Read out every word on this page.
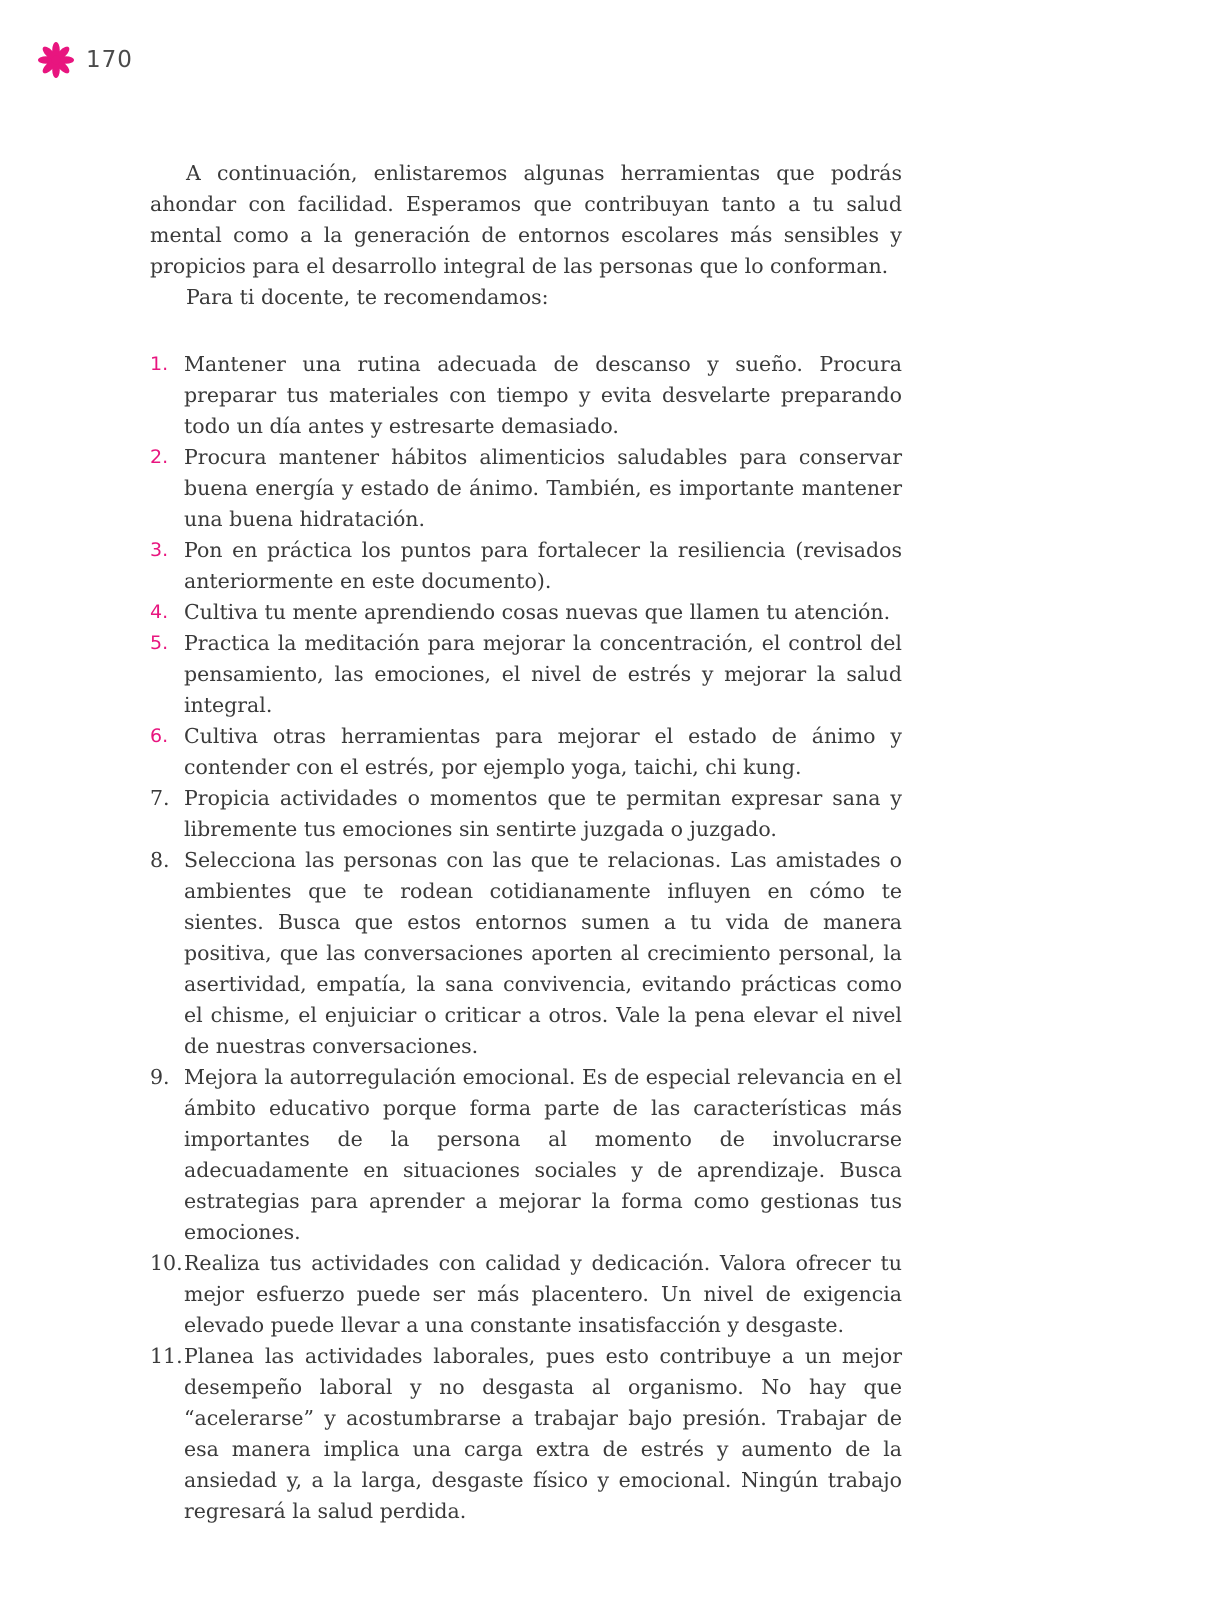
170

A continuación, enlistaremos algunas herramientas que podrás ahondar con facilidad. Esperamos que contribuyan tanto a tu salud mental como a la generación de entornos escolares más sensibles y propicios para el desarrollo integral de las personas que lo conforman.

Para ti docente, te recomendamos:

1. Mantener una rutina adecuada de descanso y sueño. Procura preparar tus materiales con tiempo y evita desvelarte preparando todo un día antes y estresarte demasiado.
2. Procura mantener hábitos alimenticios saludables para conservar buena energía y estado de ánimo. También, es importante mantener una buena hidratación.
3. Pon en práctica los puntos para fortalecer la resiliencia (revisados anteriormente en este documento).
4. Cultiva tu mente aprendiendo cosas nuevas que llamen tu atención.
5. Practica la meditación para mejorar la concentración, el control del pensamiento, las emociones, el nivel de estrés y mejorar la salud integral.
6. Cultiva otras herramientas para mejorar el estado de ánimo y contender con el estrés, por ejemplo yoga, taichi, chi kung.
7. Propicia actividades o momentos que te permitan expresar sana y libremente tus emociones sin sentirte juzgada o juzgado.
8. Selecciona las personas con las que te relacionas. Las amistades o ambientes que te rodean cotidianamente influyen en cómo te sientes. Busca que estos entornos sumen a tu vida de manera positiva, que las conversaciones aporten al crecimiento personal, la asertividad, empatía, la sana convivencia, evitando prácticas como el chisme, el enjuiciar o criticar a otros. Vale la pena elevar el nivel de nuestras conversaciones.
9. Mejora la autorregulación emocional. Es de especial relevancia en el ámbito educativo porque forma parte de las características más importantes de la persona al momento de involucrarse adecuadamente en situaciones sociales y de aprendizaje. Busca estrategias para aprender a mejorar la forma como gestionas tus emociones.
10. Realiza tus actividades con calidad y dedicación. Valora ofrecer tu mejor esfuerzo puede ser más placentero. Un nivel de exigencia elevado puede llevar a una constante insatisfacción y desgaste.
11. Planea las actividades laborales, pues esto contribuye a un mejor desempeño laboral y no desgasta al organismo. No hay que “acelerarse” y acostumbrarse a trabajar bajo presión. Trabajar de esa manera implica una carga extra de estrés y aumento de la ansiedad y, a la larga, desgaste físico y emocional. Ningún trabajo regresará la salud perdida.
